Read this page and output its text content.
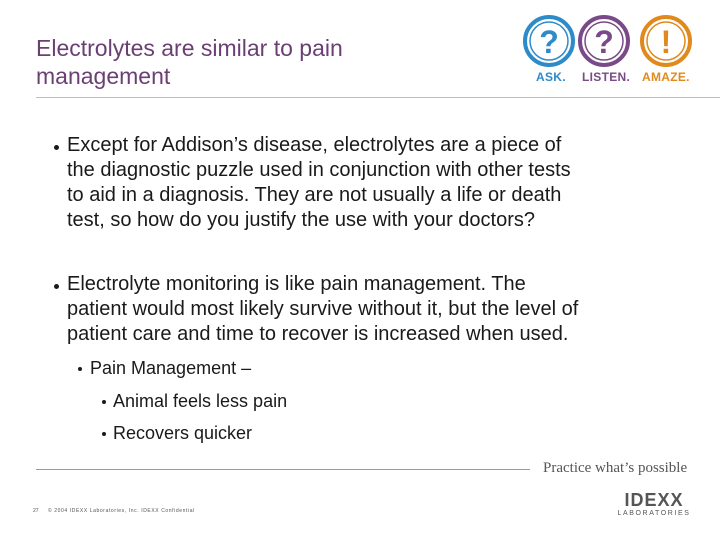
Electrolytes are similar to pain management
? ? !
ASK. LISTEN. AMAZE.
Except for Addison’s disease, electrolytes are a piece of
the diagnostic puzzle used in conjunction with other tests
to aid in a diagnosis. They are not usually a life or death
test, so how do you justify the use with your doctors?
Electrolyte monitoring is like pain management. The
patient would most likely survive without it, but the level of
patient care and time to recover is increased when used.
Pain Management –
Animal feels less pain
Recovers quicker
Practice what’s possible
27 © 2004 IDEXX Laboratories, Inc. IDEXX Confidential
IDEXX
LABORATORIES
